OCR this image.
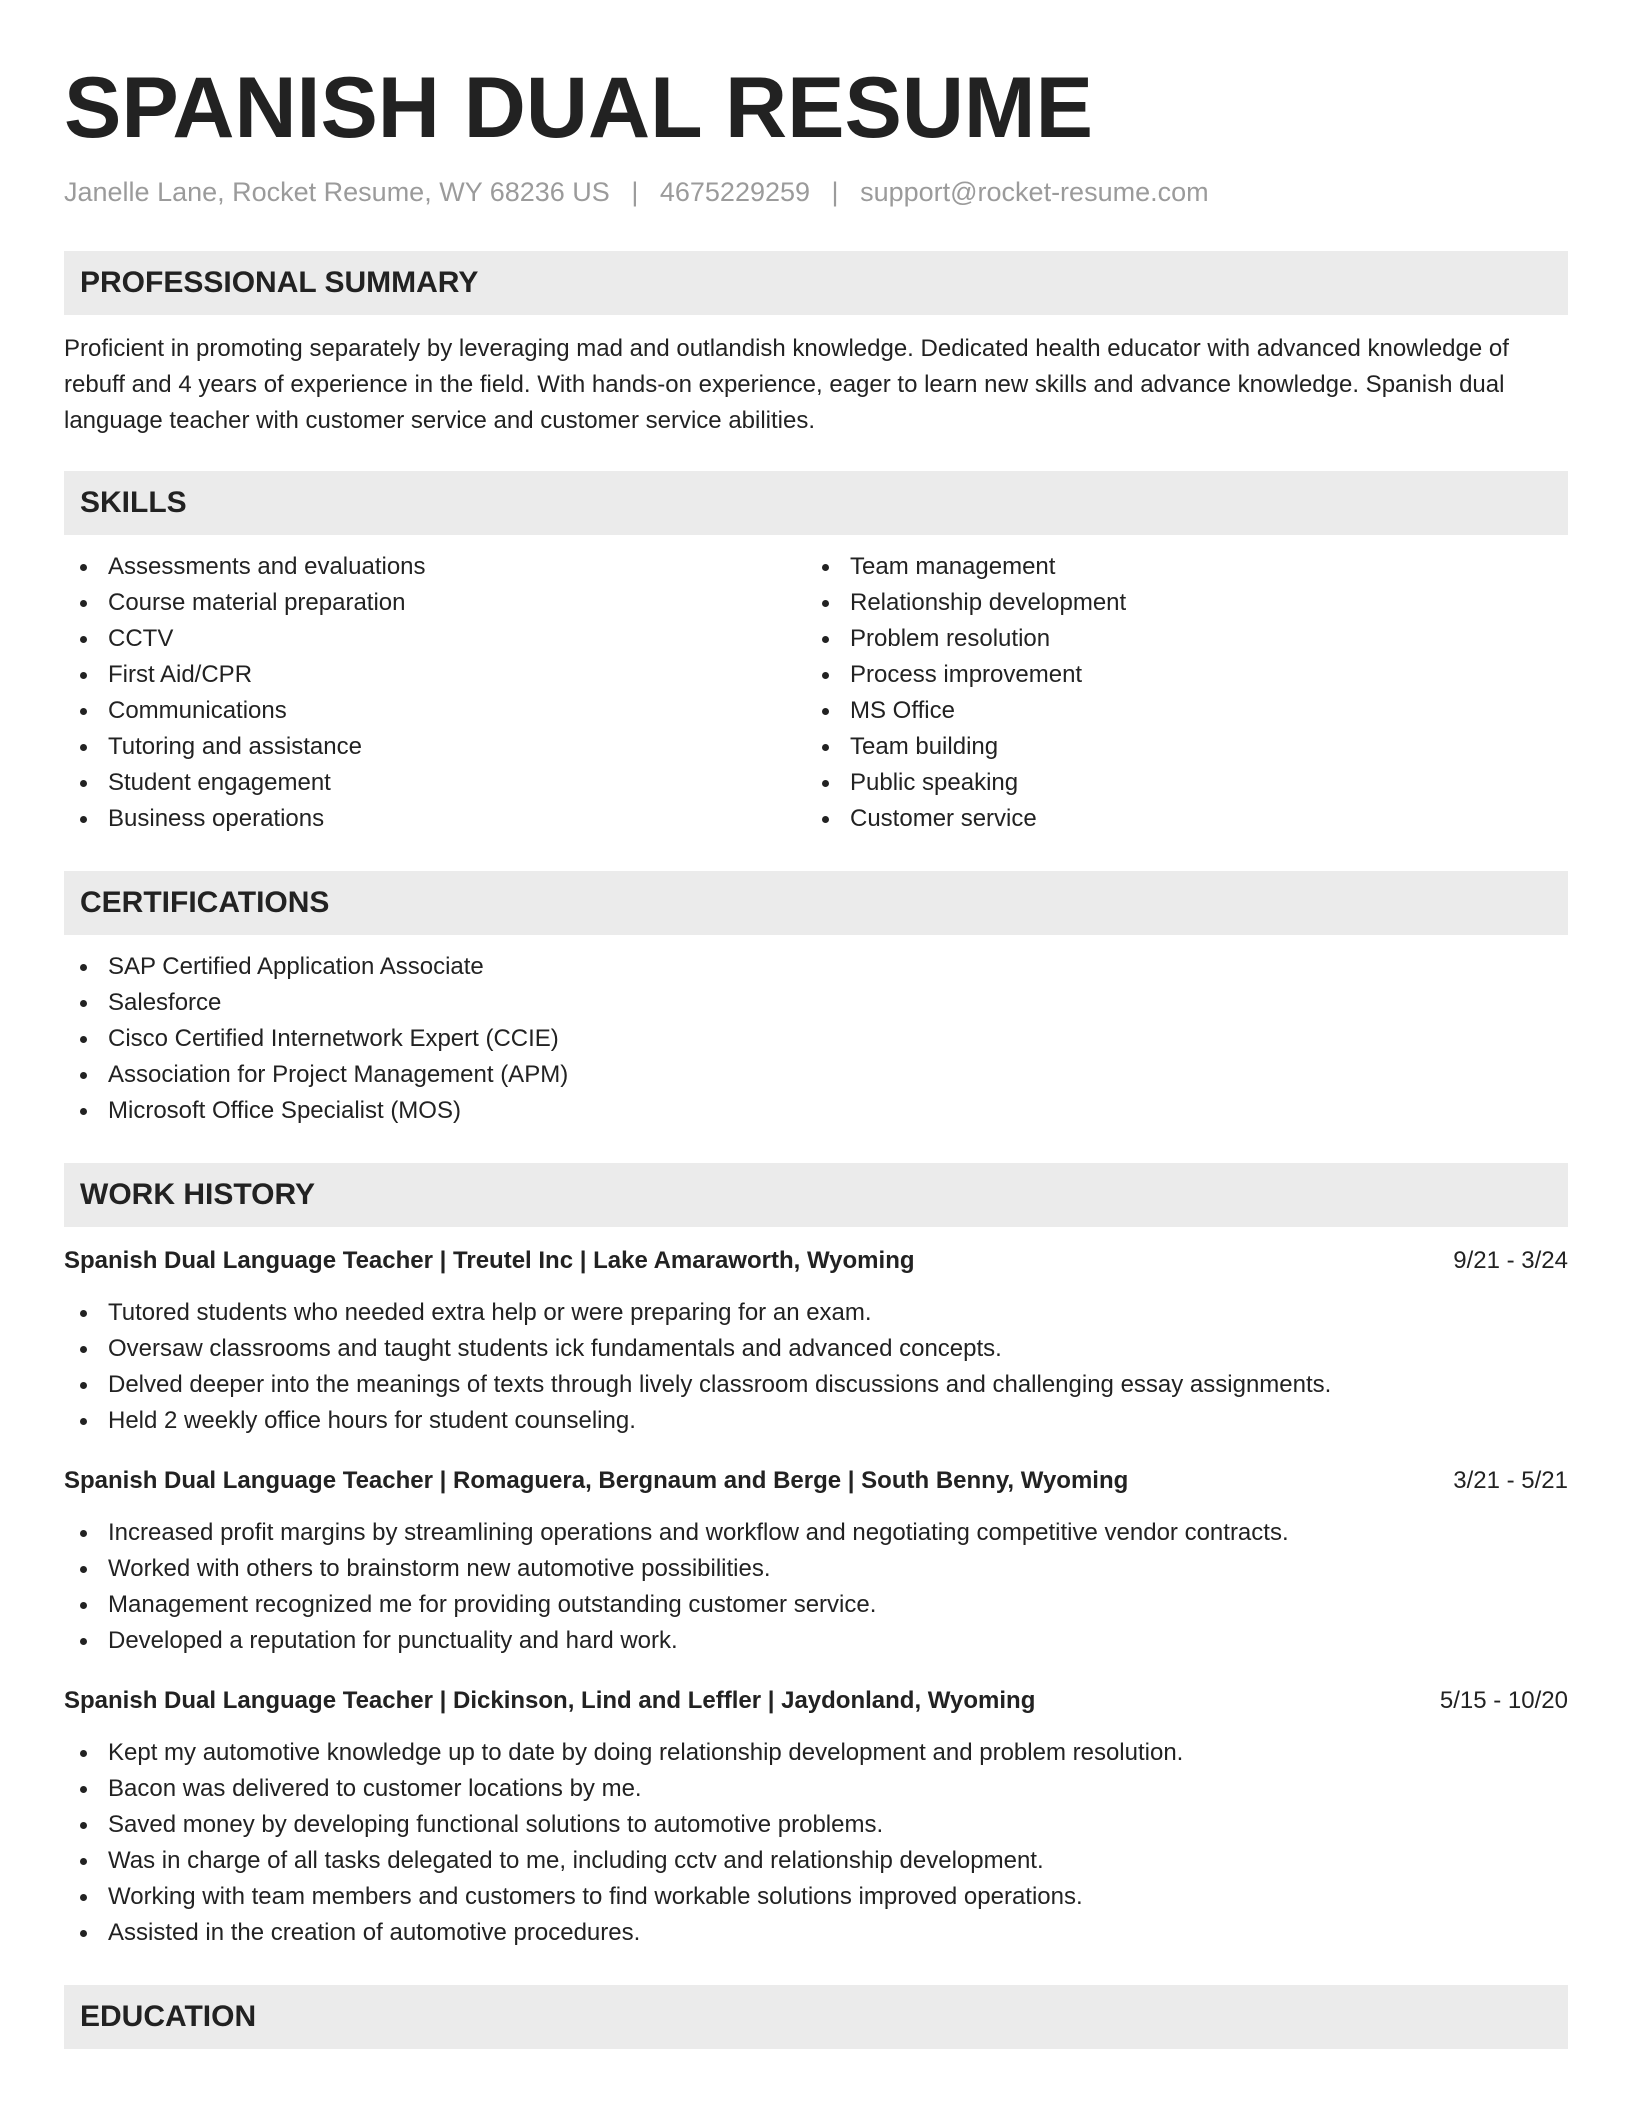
SPANISH DUAL RESUME
Janelle Lane, Rocket Resume, WY 68236 US | 4675229259 | support@rocket-resume.com
PROFESSIONAL SUMMARY
Proficient in promoting separately by leveraging mad and outlandish knowledge. Dedicated health educator with advanced knowledge of rebuff and 4 years of experience in the field. With hands-on experience, eager to learn new skills and advance knowledge. Spanish dual language teacher with customer service and customer service abilities.
SKILLS
Assessments and evaluations
Course material preparation
CCTV
First Aid/CPR
Communications
Tutoring and assistance
Student engagement
Business operations
Team management
Relationship development
Problem resolution
Process improvement
MS Office
Team building
Public speaking
Customer service
CERTIFICATIONS
SAP Certified Application Associate
Salesforce
Cisco Certified Internetwork Expert (CCIE)
Association for Project Management (APM)
Microsoft Office Specialist (MOS)
WORK HISTORY
Spanish Dual Language Teacher | Treutel Inc | Lake Amaraworth, Wyoming	9/21 - 3/24
Tutored students who needed extra help or were preparing for an exam.
Oversaw classrooms and taught students ick fundamentals and advanced concepts.
Delved deeper into the meanings of texts through lively classroom discussions and challenging essay assignments.
Held 2 weekly office hours for student counseling.
Spanish Dual Language Teacher | Romaguera, Bergnaum and Berge | South Benny, Wyoming	3/21 - 5/21
Increased profit margins by streamlining operations and workflow and negotiating competitive vendor contracts.
Worked with others to brainstorm new automotive possibilities.
Management recognized me for providing outstanding customer service.
Developed a reputation for punctuality and hard work.
Spanish Dual Language Teacher | Dickinson, Lind and Leffler | Jaydonland, Wyoming	5/15 - 10/20
Kept my automotive knowledge up to date by doing relationship development and problem resolution.
Bacon was delivered to customer locations by me.
Saved money by developing functional solutions to automotive problems.
Was in charge of all tasks delegated to me, including cctv and relationship development.
Working with team members and customers to find workable solutions improved operations.
Assisted in the creation of automotive procedures.
EDUCATION
